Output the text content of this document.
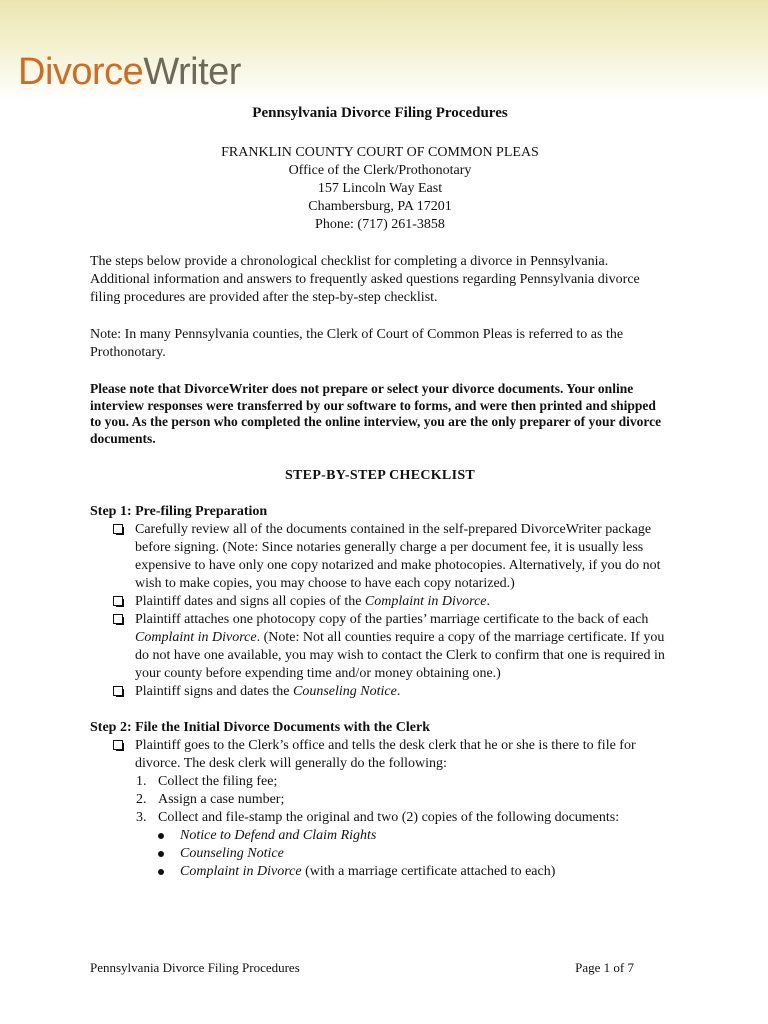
DivorceWriter

Pennsylvania Divorce Filing Procedures

FRANKLIN COUNTY COURT OF COMMON PLEAS
Office of the Clerk/Prothonotary
157 Lincoln Way East
Chambersburg, PA 17201
Phone: (717) 261-3858

The steps below provide a chronological checklist for completing a divorce in Pennsylvania. Additional information and answers to frequently asked questions regarding Pennsylvania divorce filing procedures are provided after the step-by-step checklist.

Note: In many Pennsylvania counties, the Clerk of Court of Common Pleas is referred to as the Prothonotary.

Please note that DivorceWriter does not prepare or select your divorce documents. Your online interview responses were transferred by our software to forms, and were then printed and shipped to you. As the person who completed the online interview, you are the only preparer of your divorce documents.

STEP-BY-STEP CHECKLIST

Step 1: Pre-filing Preparation

Carefully review all of the documents contained in the self-prepared DivorceWriter package before signing. (Note: Since notaries generally charge a per document fee, it is usually less expensive to have only one copy notarized and make photocopies. Alternatively, if you do not wish to make copies, you may choose to have each copy notarized.)

Plaintiff dates and signs all copies of the Complaint in Divorce.

Plaintiff attaches one photocopy copy of the parties’ marriage certificate to the back of each Complaint in Divorce. (Note: Not all counties require a copy of the marriage certificate. If you do not have one available, you may wish to contact the Clerk to confirm that one is required in your county before expending time and/or money obtaining one.)

Plaintiff signs and dates the Counseling Notice.

Step 2: File the Initial Divorce Documents with the Clerk

Plaintiff goes to the Clerk’s office and tells the desk clerk that he or she is there to file for divorce. The desk clerk will generally do the following:

1. Collect the filing fee;

2. Assign a case number;

3. Collect and file-stamp the original and two (2) copies of the following documents:

Notice to Defend and Claim Rights

Counseling Notice

Complaint in Divorce (with a marriage certificate attached to each)

Pennsylvania Divorce Filing Procedures	Page 1 of 7
